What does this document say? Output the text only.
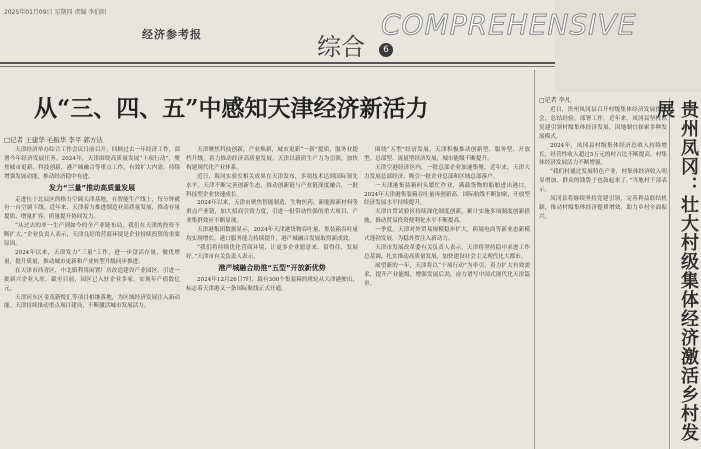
2025年01月09日 星期四 责编 李伯阳
经济参考报	COMPREHENSIVE
综合	6
从“三、四、五”中感知天津经济新活力
□记者 王建华 毛振华 李平 郭方达

天津经济举办综合工作会议日前召开，回顾过去一年经济工作，部署今年经济发展任务。2024年，天津围绕高质量发展“十项行动”，聚焦城市更新、科技创新、港产城融合等重点工作，有效扩大内需，持续增强发展动能，推动经济稳中有进。

发力“三量”推动高质量发展

走进位于北辰区的格力空调天津基地，在智能生产线上，每分钟就有一台空调下线。近年来，天津着力推进制造业高质量发展，推动存量提质、增量扩容、质量提升协同发力。

“从过去的单一生产到如今的全产业链布局，我们在天津的投资不断扩大。”企业负责人表示，天津良好的营商环境是企业持续投资的重要原因。

2024年以来，天津发力“三量”工作，进一步盘活存量，做优增量，提升质量，推动城市更新和产业转型升级同步推进。

在天津市西青区，中北镇利用闲置厂房改造建设产业园区，引进一批新兴企业入驻。截至目前，园区已入驻企业多家，实现年产值数亿元。

天津河东区金茂新悦汇等项目相继落地，为区域经济发展注入新动能。天津持续推动重点项目建设，不断激活城市发展活力。

天津聚焦科技创新，产业焕新，城市更新“一新”提质，服务业提档升级，着力推动经济高质量发展。天津以新质生产力为引领，加快构建现代化产业体系。

近日，海河实验室相关成果在天津发布，多项技术达到国际领先水平。天津不断完善创新生态，推动创新链与产业链深度融合，一批科技型企业快速成长。

2024年以来，天津市聚焦智能制造、生物医药、新能源新材料等重点产业链，加大招商引资力度，引进一批带动性强的重大项目，产业集群效应不断显现。

天津港集团数据显示，2024年天津港货物吞吐量、集装箱吞吐量均实现增长，港口服务能力持续提升，港产城融合发展取得新成效。

“我们将持续优化营商环境，让更多企业愿意来、留得住、发展好。”天津市有关负责人表示。

港产城融合助推“五型”开放新优势

2024年12月26日7时，载有300个集装箱的班轮从天津港驶出，标志着天津港又一条国际航线正式开通。

围绕“五型”经济发展，天津积极推动创新型、服务型、开放型、总部型、流量型经济发展，城市能级不断提升。

天津空港经济区内，一批总部企业加速集聚。近年来，天津大力发展总部经济，吸引一批企业总部和区域总部落户。

一天津港集装箱码头繁忙作业，满载货物的船舶进出港口。2024年天津港集装箱吞吐量再创新高，国际航线不断加密，开放型经济发展水平持续提升。

天津自贸试验区持续深化制度创新，累计实施多项制度创新措施，推动贸易投资便利化水平不断提高。

一季度，天津对外贸易规模稳步扩大，跨境电商等新业态新模式蓬勃发展，为稳外贸注入新动力。

天津市发展改革委有关负责人表示，天津将坚持稳中求进工作总基调，扎实推动高质量发展，加快建设社会主义现代化大都市。

展望新的一年，天津将以“十项行动”为牵引，着力扩大有效需求，提升产业能级，增强发展后劲，奋力谱写中国式现代化天津篇章。

□记者 李凡

近日，贵州凤冈县召开村级集体经济发展推进会，总结经验，部署工作。近年来，凤冈县坚持以党建引领村级集体经济发展，因地制宜探索多种发展模式。

2024年，凤冈县村级集体经济总收入持续增长，经营性收入超过5万元的村占比不断提高，村集体经济发展活力不断增强。

“我们村通过发展特色产业，村集体经济收入明显增加，群众的钱袋子也鼓起来了。”当地村干部表示。

凤冈县将继续坚持党建引领，完善利益联结机制，推动村级集体经济提质增效，助力乡村全面振兴。	贵州凤冈：壮大村级集体经济激活乡村发展
